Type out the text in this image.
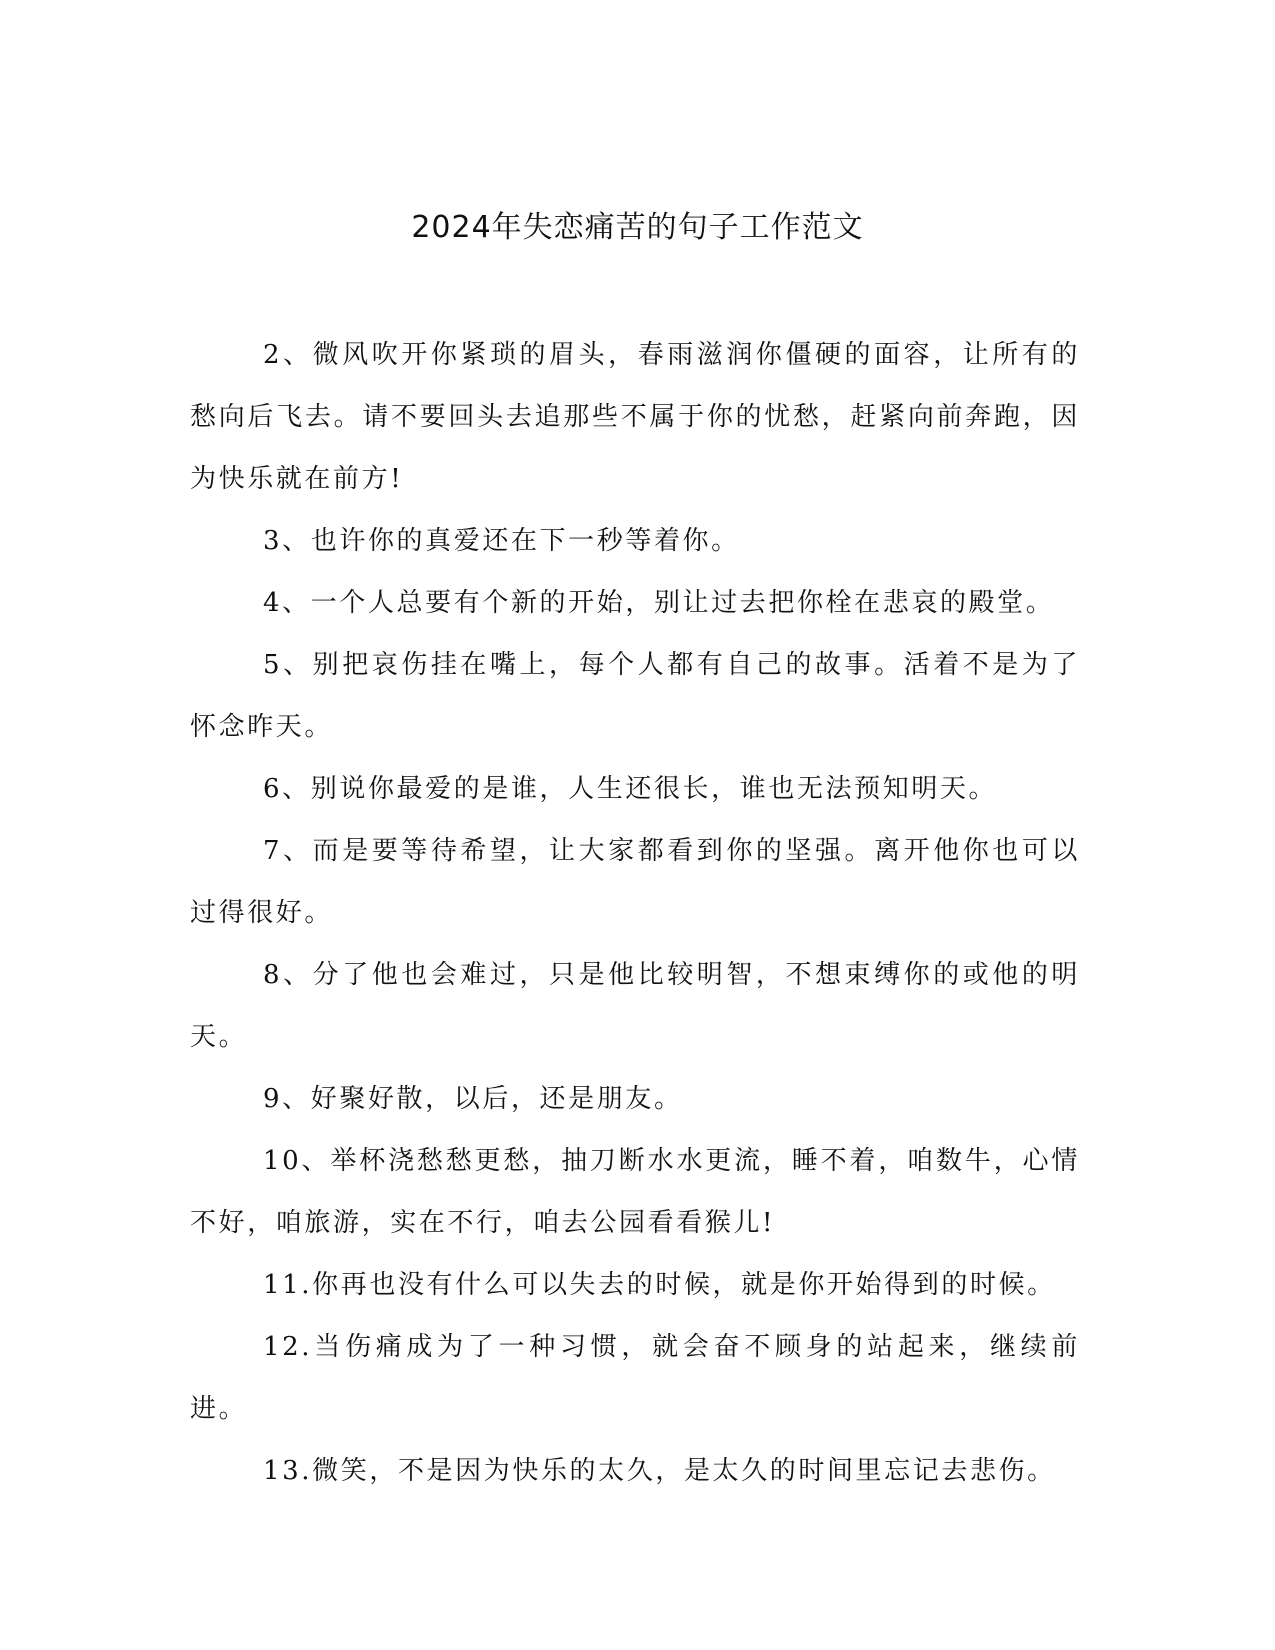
2024年失恋痛苦的句子工作范文

2、微风吹开你紧琐的眉头，春雨滋润你僵硬的面容，让所有的愁向后飞去。请不要回头去追那些不属于你的忧愁，赶紧向前奔跑，因为快乐就在前方!

3、也许你的真爱还在下一秒等着你。

4、一个人总要有个新的开始，别让过去把你栓在悲哀的殿堂。

5、别把哀伤挂在嘴上，每个人都有自己的故事。活着不是为了怀念昨天。

6、别说你最爱的是谁，人生还很长，谁也无法预知明天。

7、而是要等待希望，让大家都看到你的坚强。离开他你也可以过得很好。

8、分了他也会难过，只是他比较明智，不想束缚你的或他的明天。

9、好聚好散，以后，还是朋友。

10、举杯浇愁愁更愁，抽刀断水水更流，睡不着，咱数牛，心情不好，咱旅游，实在不行，咱去公园看看猴儿!

11.你再也没有什么可以失去的时候，就是你开始得到的时候。

12.当伤痛成为了一种习惯，就会奋不顾身的站起来，继续前进。

13.微笑，不是因为快乐的太久，是太久的时间里忘记去悲伤。
